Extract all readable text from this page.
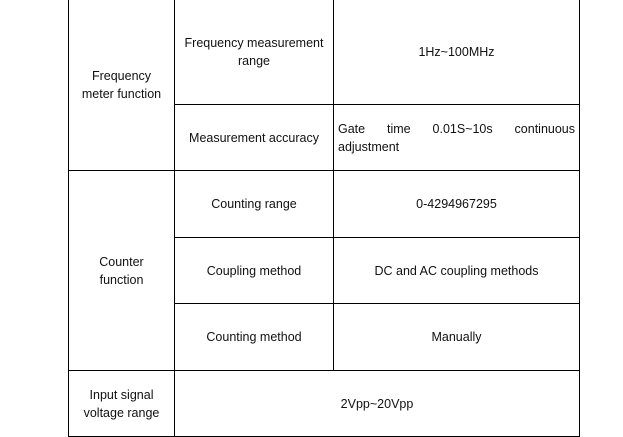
Frequency meter function	Frequency measurement range	1Hz~100MHz
	Measurement accuracy	Gate time 0.01S~10s continuous
adjustment

Counter function	Counting range	0-4294967295
	Coupling method	DC and AC coupling methods
	Counting method	Manually
Input signal voltage range	2Vpp~20Vpp	
